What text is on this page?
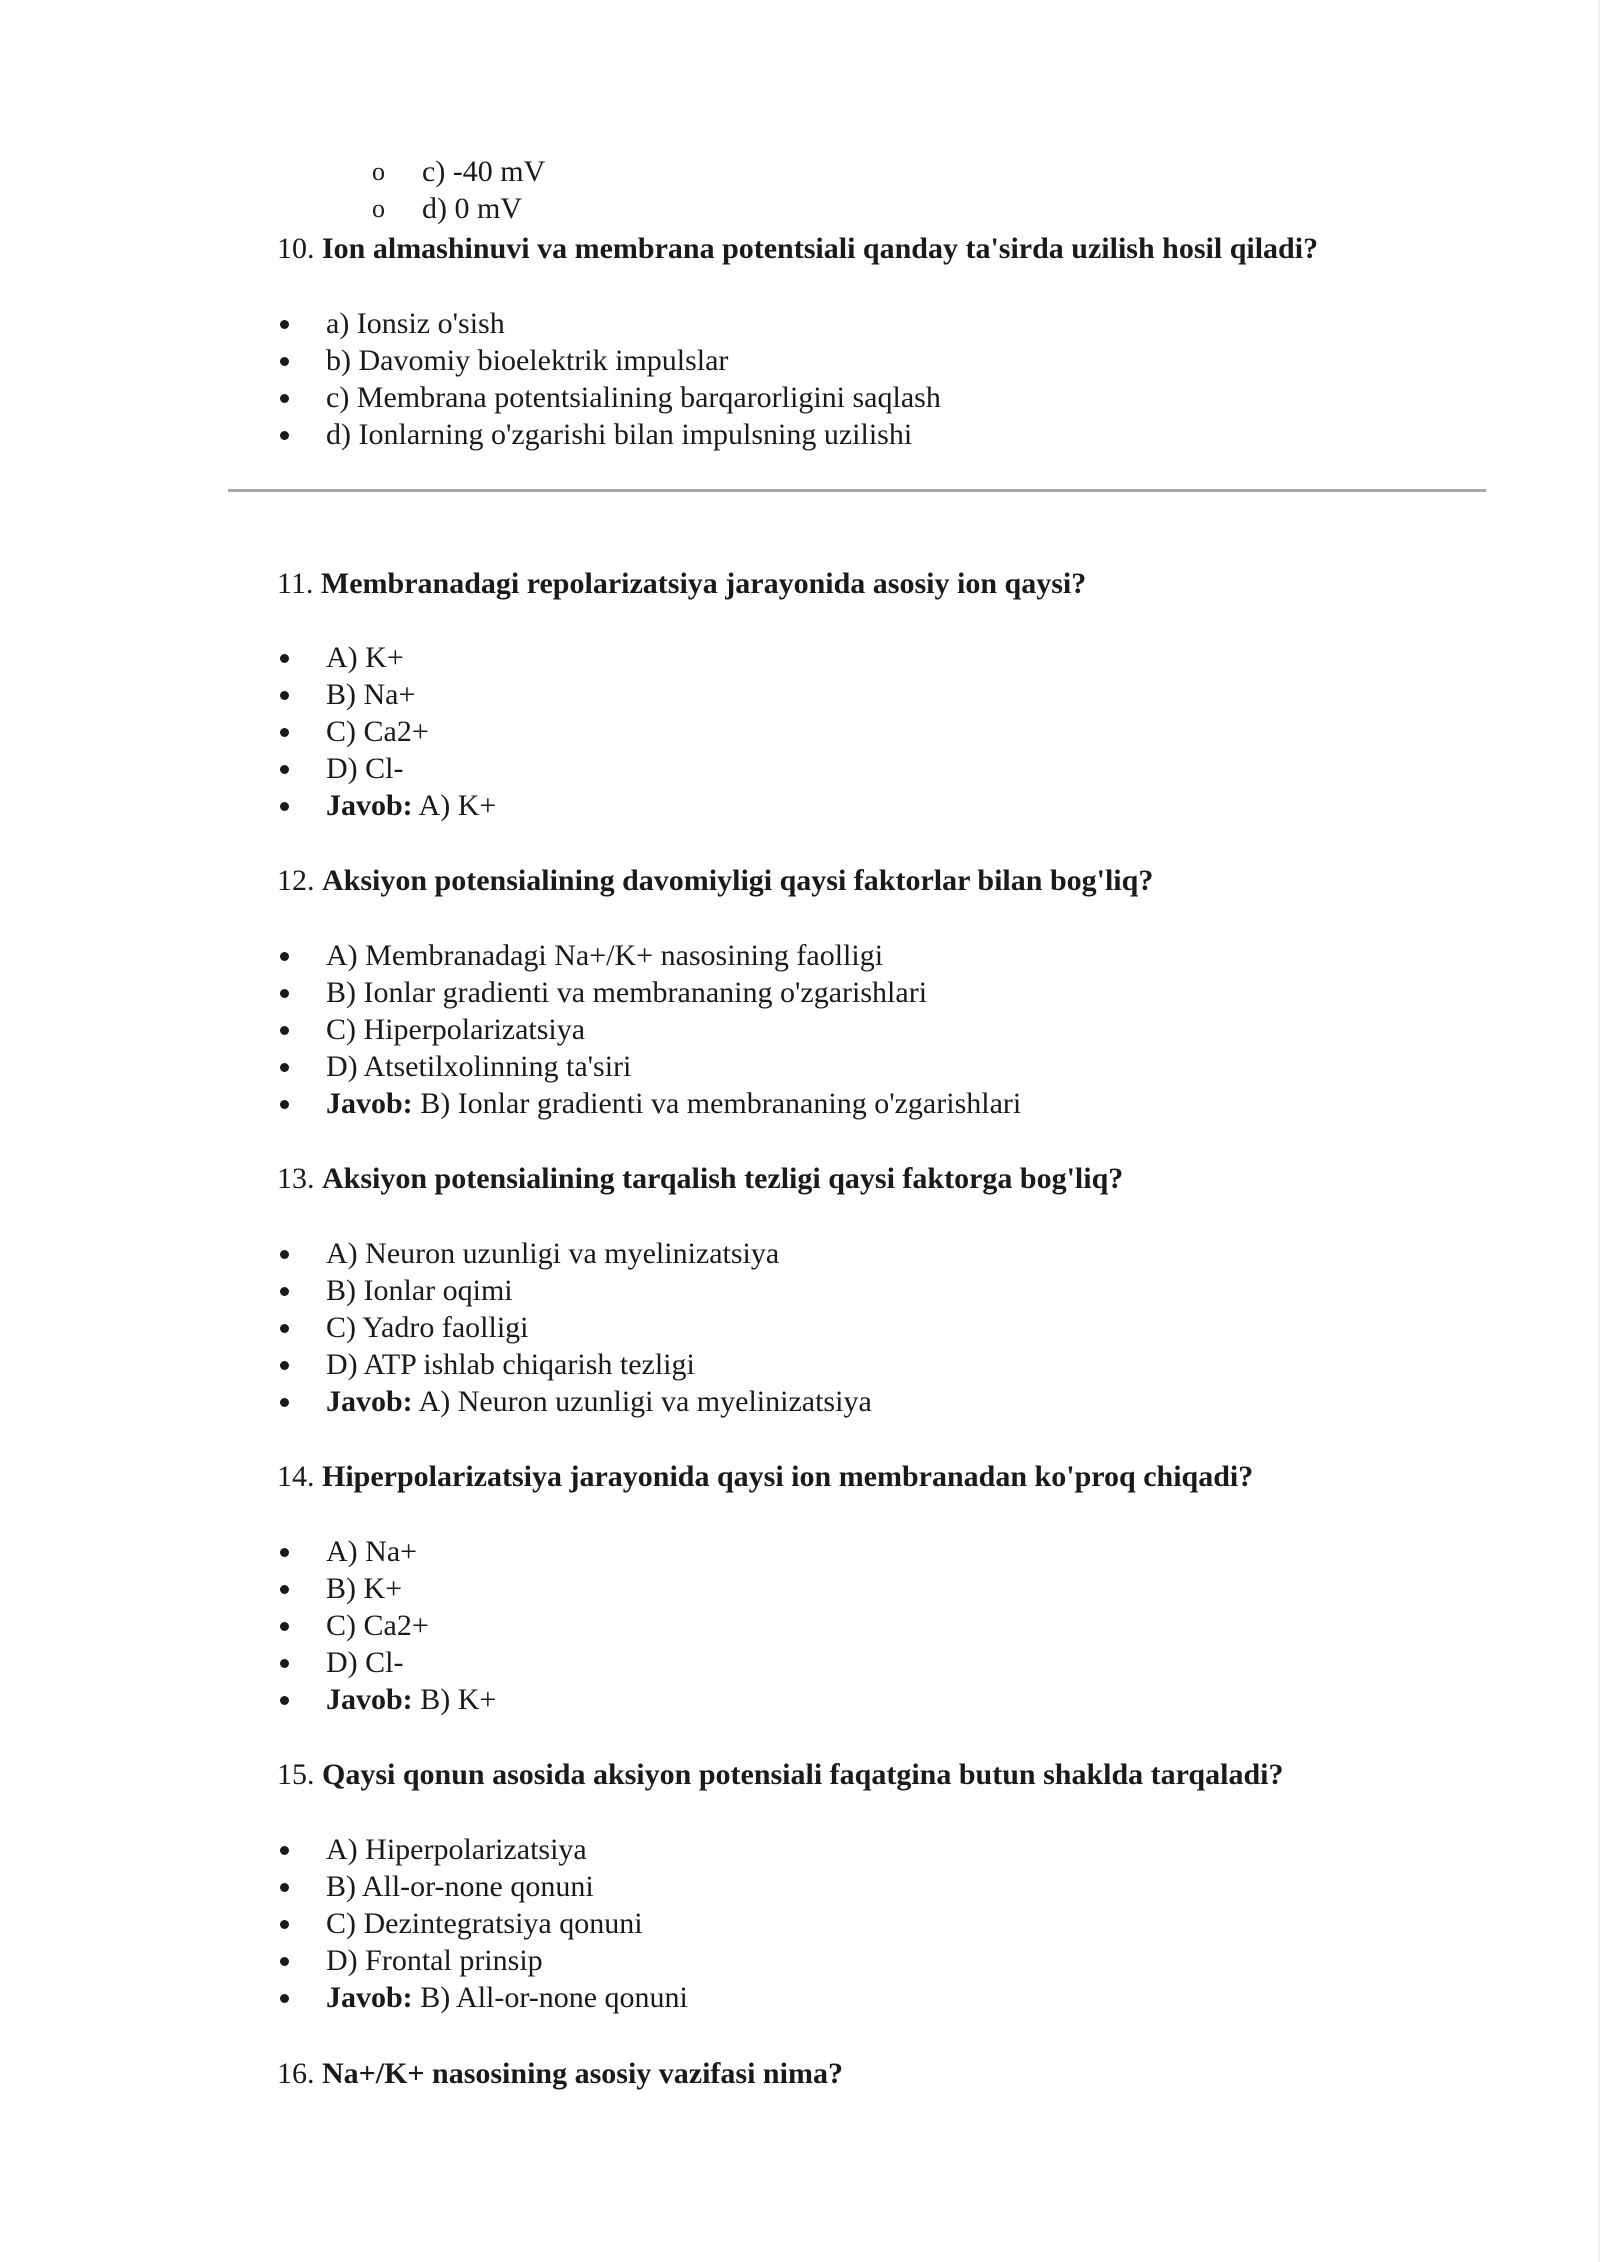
o c) -40 mV
o d) 0 mV

10. Ion almashinuvi va membrana potentsiali qanday ta'sirda uzilish hosil qiladi?

a) Ionsiz o'sish
b) Davomiy bioelektrik impulslar
c) Membrana potentsialining barqarorligini saqlash
d) Ionlarning o'zgarishi bilan impulsning uzilishi

11. Membranadagi repolarizatsiya jarayonida asosiy ion qaysi?

A) K+
B) Na+
C) Ca2+
D) Cl-
Javob: A) K+

12. Aksiyon potensialining davomiyligi qaysi faktorlar bilan bog'liq?

A) Membranadagi Na+/K+ nasosining faolligi
B) Ionlar gradienti va membrananing o'zgarishlari
C) Hiperpolarizatsiya
D) Atsetilxolinning ta'siri
Javob: B) Ionlar gradienti va membrananing o'zgarishlari

13. Aksiyon potensialining tarqalish tezligi qaysi faktorga bog'liq?

A) Neuron uzunligi va myelinizatsiya
B) Ionlar oqimi
C) Yadro faolligi
D) ATP ishlab chiqarish tezligi
Javob: A) Neuron uzunligi va myelinizatsiya

14. Hiperpolarizatsiya jarayonida qaysi ion membranadan ko'proq chiqadi?

A) Na+
B) K+
C) Ca2+
D) Cl-
Javob: B) K+

15. Qaysi qonun asosida aksiyon potensiali faqatgina butun shaklda tarqaladi?

A) Hiperpolarizatsiya
B) All-or-none qonuni
C) Dezintegratsiya qonuni
D) Frontal prinsip
Javob: B) All-or-none qonuni

16. Na+/K+ nasosining asosiy vazifasi nima?
